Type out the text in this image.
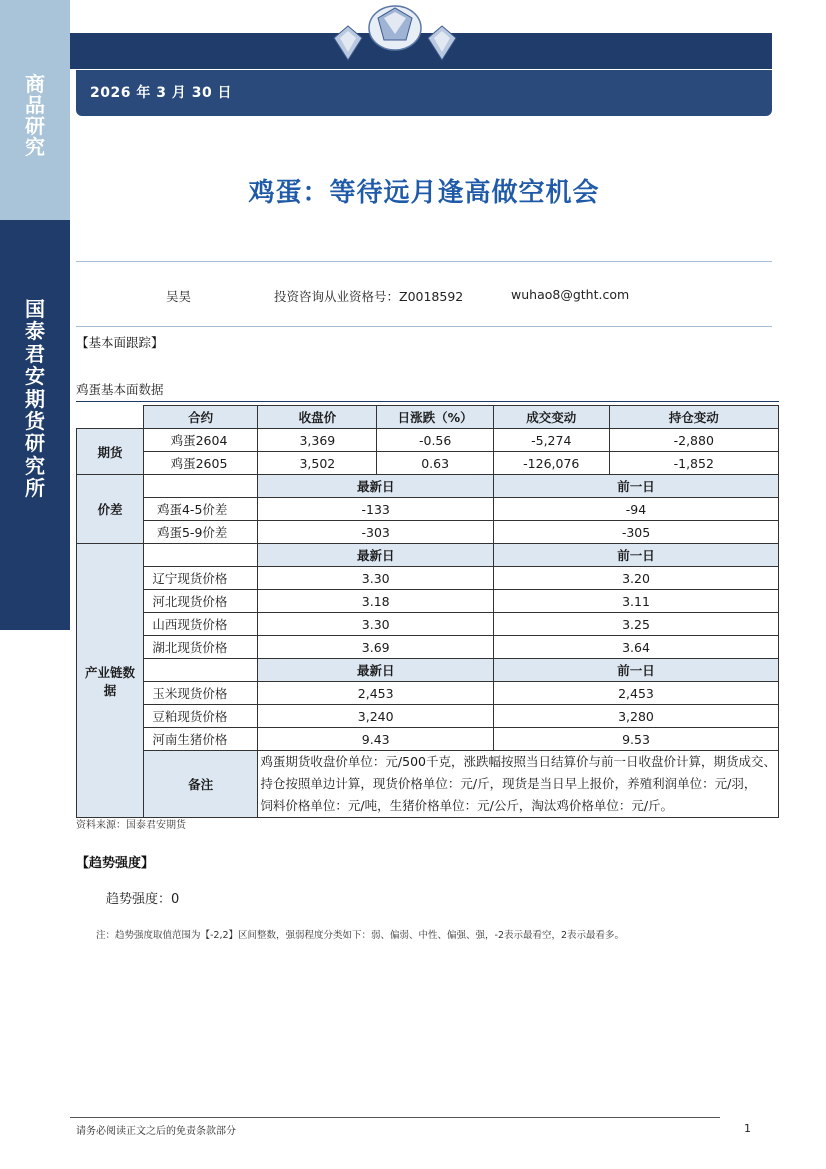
商
品
研
究
国
泰
君
安
期
货
研
究
所
2026 年 3 月 30 日
鸡蛋：等待远月逢高做空机会
吴昊	投资咨询从业资格号：Z0018592	wuhao8@gtht.com
【基本面跟踪】
鸡蛋基本面数据
	合约	收盘价	日涨跌（%）	成交变动	持仓变动
期货	鸡蛋2604	3,369	-0.56	-5,274	-2,880
	鸡蛋2605	3,502	0.63	-126,076	-1,852
价差		最新日		前一日	
	鸡蛋4-5价差	-133		-94	
	鸡蛋5-9价差	-303		-305	
产业链数据		最新日		前一日	
	辽宁现货价格	3.30		3.20	
	河北现货价格	3.18		3.11	
	山西现货价格	3.30		3.25	
	湖北现货价格	3.69		3.64	
		最新日		前一日	
	玉米现货价格	2,453		2,453	
	豆粕现货价格	3,240		3,280	
	河南生猪价格	9.43		9.53	
	备注	鸡蛋期货收盘价单位：元/500千克，涨跌幅按照当日结算价与前一日收盘价计算，期货成交、
持仓按照单边计算，现货价格单位：元/斤，现货是当日早上报价，养殖利润单位：元/羽，
饲料价格单位：元/吨，生猪价格单位：元/公斤，淘汰鸡价格单位：元/斤。			
资料来源：国泰君安期货
【趋势强度】
趋势强度：0
注：趋势强度取值范围为【-2,2】区间整数，强弱程度分类如下：弱、偏弱、中性、偏强、强，-2表示最看空，2表示最看多。
请务必阅读正文之后的免责条款部分	1
